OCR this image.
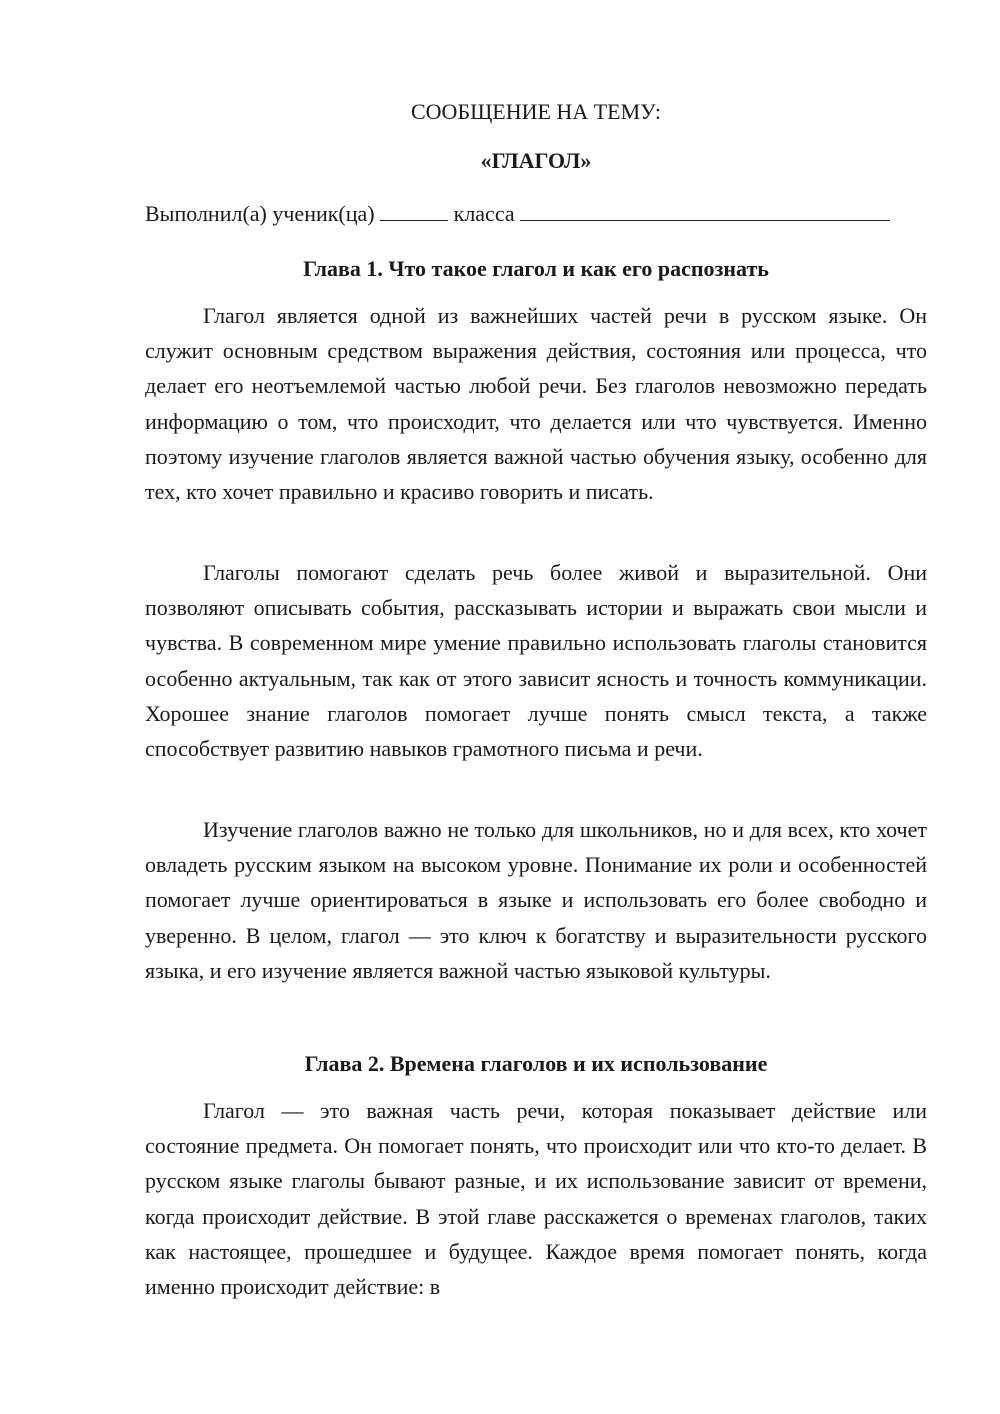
СООБЩЕНИЕ НА ТЕМУ:
«ГЛАГОЛ»
Выполнил(а) ученик(ца)	класса
Глава 1. Что такое глагол и как его распознать

Глагол является одной из важнейших частей речи в русском языке. Он служит основным средством выражения действия, состояния или процесса, что делает его неотъемлемой частью любой речи. Без глаголов невозможно передать информацию о том, что происходит, что делается или что чувствуется. Именно поэтому изучение глаголов является важной частью обучения языку, особенно для тех, кто хочет правильно и красиво говорить и писать.

Глаголы помогают сделать речь более живой и выразительной. Они позволяют описывать события, рассказывать истории и выражать свои мысли и чувства. В современном мире умение правильно использовать глаголы становится особенно актуальным, так как от этого зависит ясность и точность коммуникации. Хорошее знание глаголов помогает лучше понять смысл текста, а также способствует развитию навыков грамотного письма и речи.

Изучение глаголов важно не только для школьников, но и для всех, кто хочет овладеть русским языком на высоком уровне. Понимание их роли и особенностей помогает лучше ориентироваться в языке и использовать его более свободно и уверенно. В целом, глагол — это ключ к богатству и выразительности русского языка, и его изучение является важной частью языковой культуры.

Глава 2. Времена глаголов и их использование

Глагол — это важная часть речи, которая показывает действие или состояние предмета. Он помогает понять, что происходит или что кто-то делает. В русском языке глаголы бывают разные, и их использование зависит от времени, когда происходит действие. В этой главе расскажется о временах глаголов, таких как настоящее, прошедшее и будущее. Каждое время помогает понять, когда именно происходит действие: в
